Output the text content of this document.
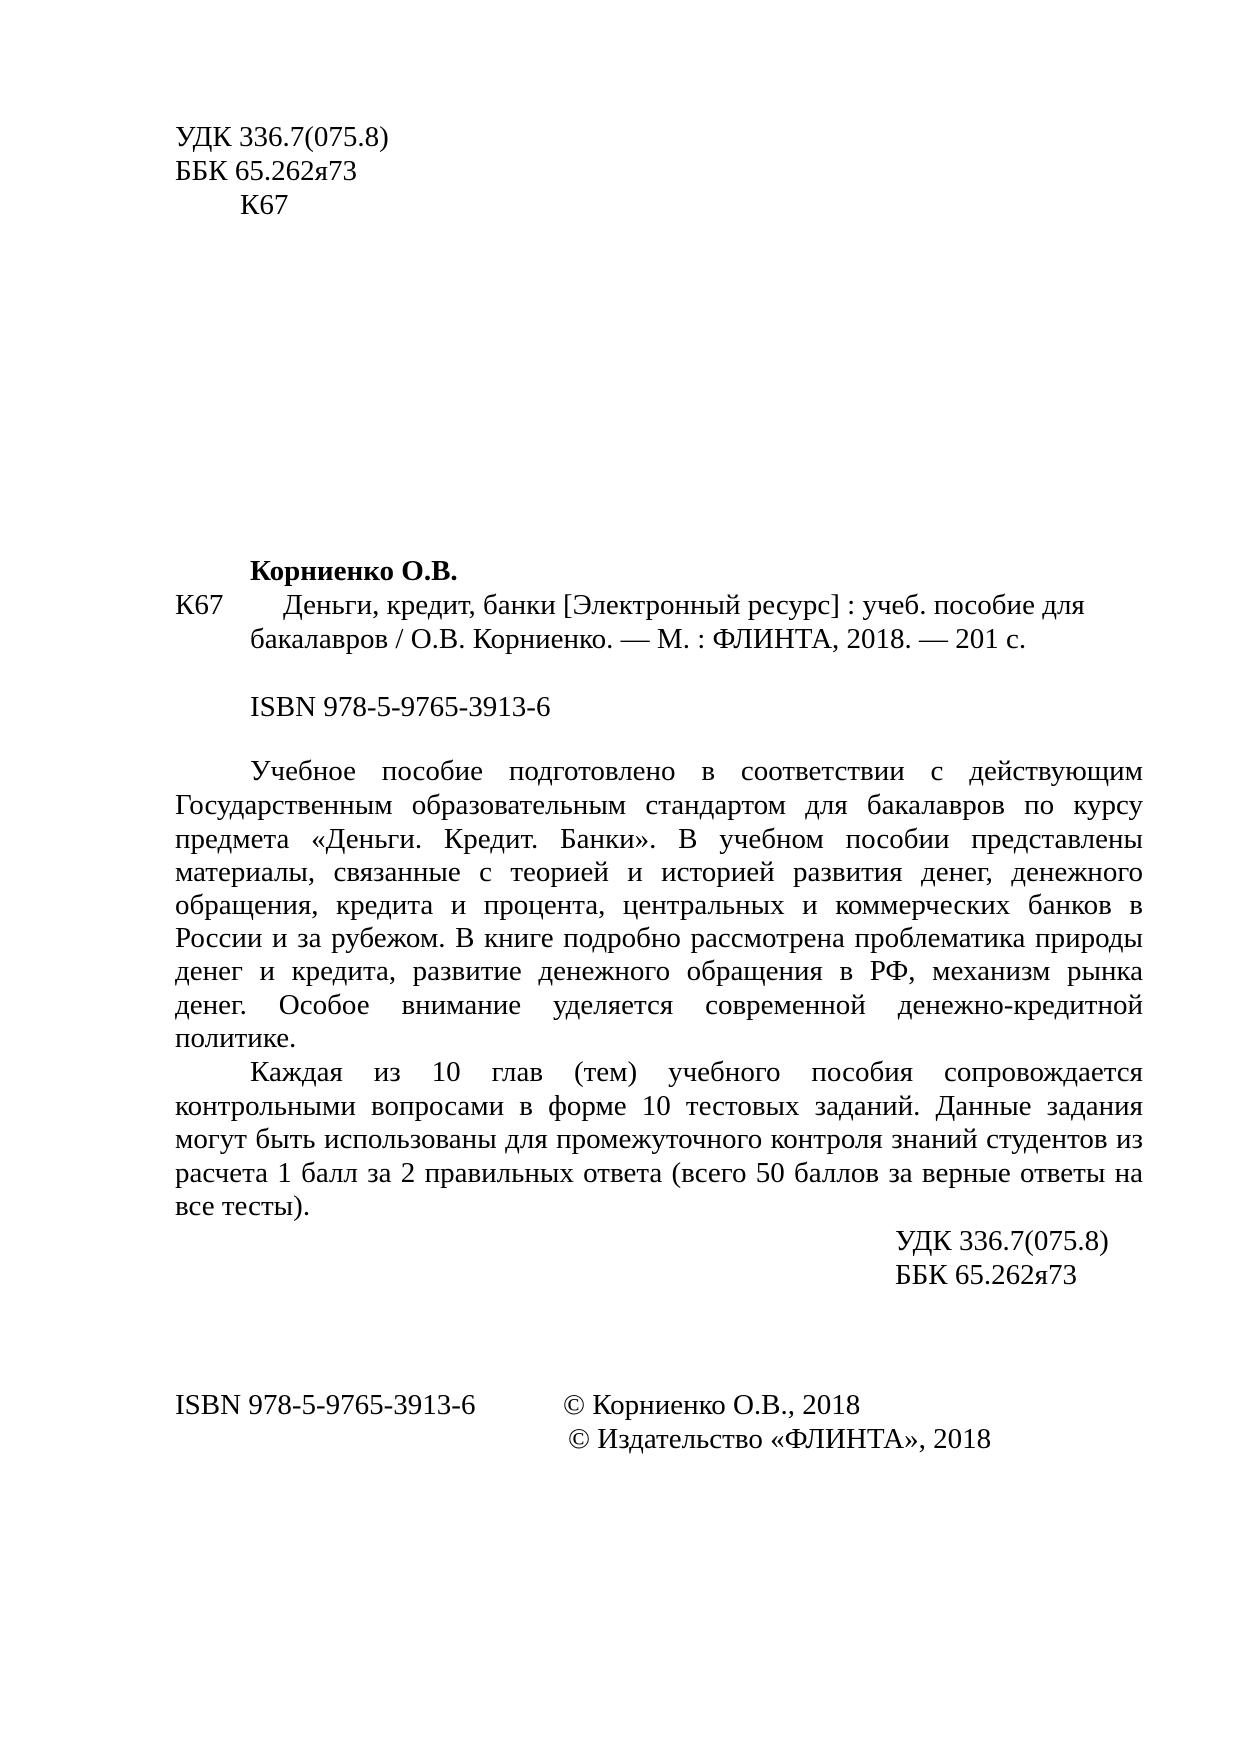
УДК 336.7(075.8)
ББК 65.262я73
К67
Корниенко О.В.
К67 Деньги, кредит, банки [Электронный ресурс] : учеб. пособие для
бакалавров / О.В. Корниенко. — М. : ФЛИНТА, 2018. — 201 с.
ISBN 978-5-9765-3913-6
Учебное пособие подготовлено в соответствии с действующим
Государственным образовательным стандартом для бакалавров по курсу
предмета «Деньги. Кредит. Банки». В учебном пособии представлены
материалы, связанные с теорией и историей развития денег, денежного
обращения, кредита и процента, центральных и коммерческих банков в
России и за рубежом. В книге подробно рассмотрена проблематика природы
денег и кредита, развитие денежного обращения в РФ, механизм рынка
денег. Особое внимание уделяется современной денежно-кредитной
политике.
Каждая из 10 глав (тем) учебного пособия сопровождается
контрольными вопросами в форме 10 тестовых заданий. Данные задания
могут быть использованы для промежуточного контроля знаний студентов из
расчета 1 балл за 2 правильных ответа (всего 50 баллов за верные ответы на
все тесты).
УДК 336.7(075.8)
ББК 65.262я73
ISBN 978-5-9765-3913-6	© Корниенко О.В., 2018
© Издательство «ФЛИНТА», 2018
